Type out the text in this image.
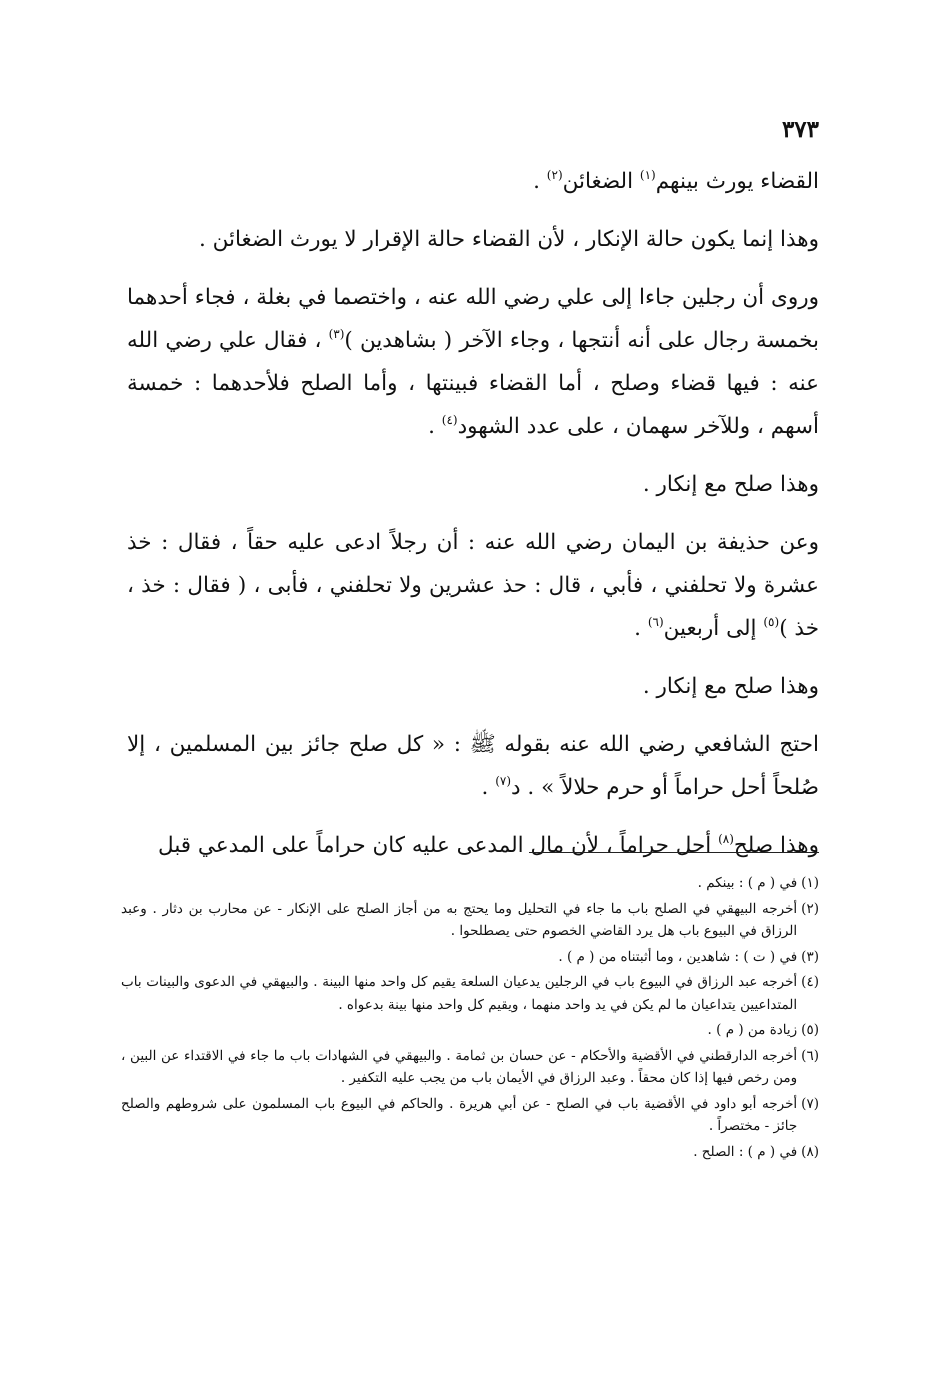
٣٧٣

القضاء يورث بينهم$^{(١)}$ الضغائن$^{(٢)}$ .

وهذا إنما يكون حالة الإنكار ، لأن القضاء حالة الإقرار لا يورث الضغائن .

وروى أن رجلين جاءا إلى علي رضي الله عنه ، واختصما في بغلة ، فجاء أحدهما بخمسة رجال على أنه أنتجها ، وجاء الآخر ( بشاهدين )$^{(٣)}$ ، فقال علي رضي الله عنه : فيها قضاء وصلح ، أما القضاء فبينتها ، وأما الصلح فلأحدهما : خمسة أسهم ، وللآخر سهمان ، على عدد الشهود$^{(٤)}$ .

وهذا صلح مع إنكار .

وعن حذيفة بن اليمان رضي الله عنه : أن رجلاً ادعى عليه حقاً ، فقال : خذ عشرة ولا تحلفني ، فأبي ، قال : حذ عشرين ولا تحلفني ، فأبى ، ( فقال : خذ ، خذ )$^{(٥)}$ إلى أربعين$^{(٦)}$ .

وهذا صلح مع إنكار .

احتج الشافعي رضي الله عنه بقوله ﷺ : « كل صلح جائز بين المسلمين ، إلا صُلحاً أحل حراماً أو حرم حلالاً » . د$^{(٧)}$ .

وهذا صلح$^{(٨)}$ أحل حراماً ، لأن مال المدعى عليه كان حراماً على المدعي قبل

(١)
في ( م ) : بينكم .
(٢)
أخرجه البيهقي في الصلح باب ما جاء في التحليل وما يحتج به من أجاز الصلح على الإنكار - عن محارب بن دثار . وعبد الرزاق في البيوع باب هل يرد القاضي الخصوم حتى يصطلحوا .
(٣)
في ( ت ) : شاهدين ، وما أثبتناه من ( م ) .
(٤)
أخرجه عبد الرزاق في البيوع باب في الرجلين يدعيان السلعة يقيم كل واحد منها البينة . والبيهقي في الدعوى والبينات باب المتداعيين يتداعيان ما لم يكن في يد واحد منهما ، ويقيم كل واحد منها بينة بدعواه .
(٥)
زيادة من ( م ) .
(٦)
أخرجه الدارقطني في الأقضية والأحكام - عن حسان بن ثمامة . والبيهقي في الشهادات باب ما جاء في الاقتداء عن البين ، ومن رخص فيها إذا كان محقاً . وعبد الرزاق في الأيمان باب من يجب عليه التكفير .
(٧)
أخرجه أبو داود في الأقضية باب في الصلح - عن أبي هريرة . والحاكم في البيوع باب المسلمون على شروطهم والصلح جائز - مختصراً .
(٨)
في ( م ) : الصلح .
